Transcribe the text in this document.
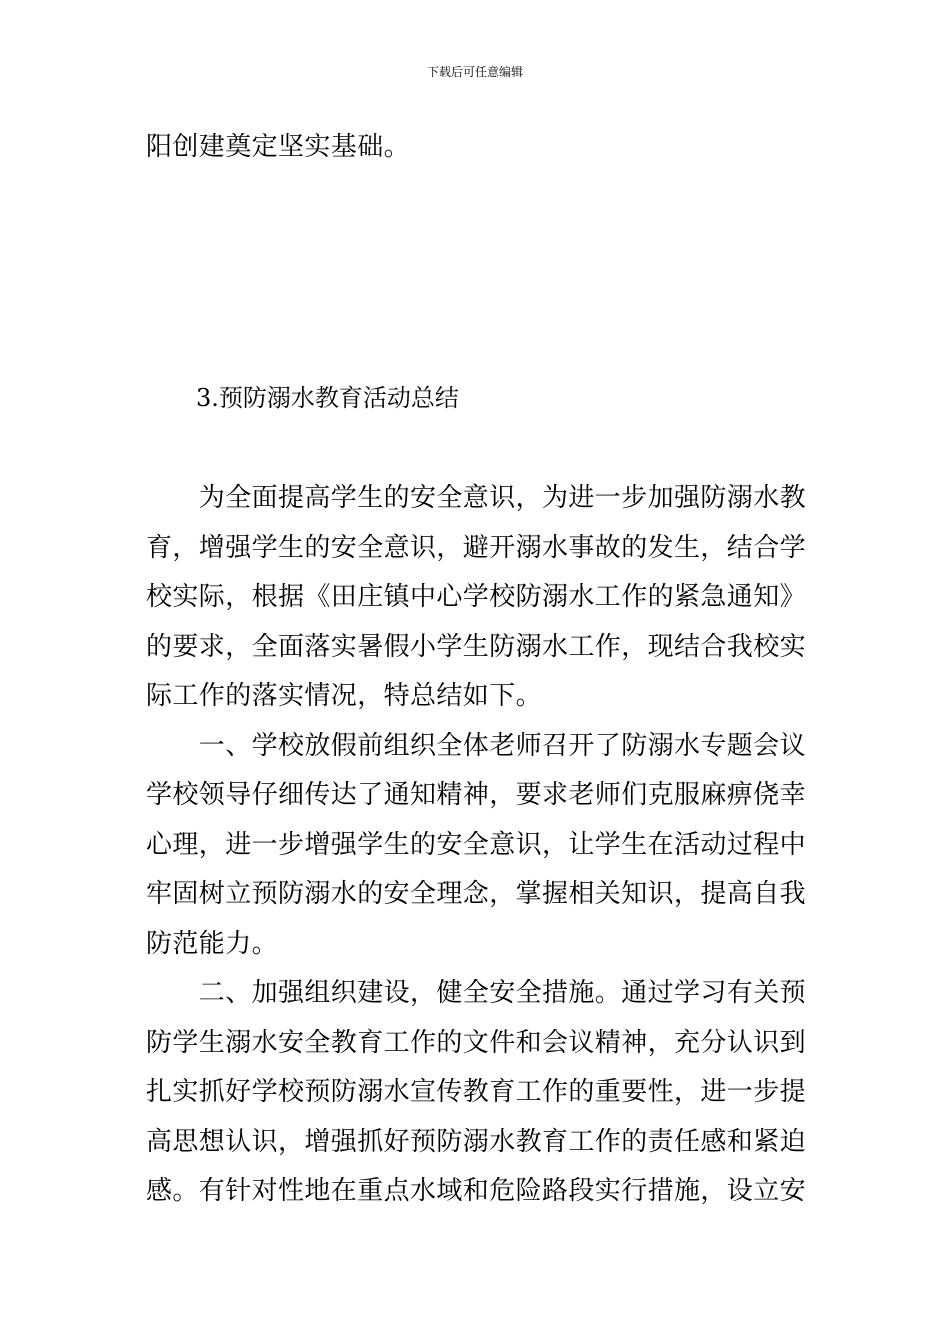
下载后可任意编辑
阳创建奠定坚实基础。
3.预防溺水教育活动总结
　　为全面提高学生的安全意识，为进一步加强防溺水教
育，增强学生的安全意识，避开溺水事故的发生，结合学
校实际，根据《田庄镇中心学校防溺水工作的紧急通知》
的要求，全面落实暑假小学生防溺水工作，现结合我校实
际工作的落实情况，特总结如下。
　　一、学校放假前组织全体老师召开了防溺水专题会议
学校领导仔细传达了通知精神，要求老师们克服麻痹侥幸
心理，进一步增强学生的安全意识，让学生在活动过程中
牢固树立预防溺水的安全理念，掌握相关知识，提高自我
防范能力。
　　二、加强组织建设，健全安全措施。通过学习有关预
防学生溺水安全教育工作的文件和会议精神，充分认识到
扎实抓好学校预防溺水宣传教育工作的重要性，进一步提
高思想认识，增强抓好预防溺水教育工作的责任感和紧迫
感。有针对性地在重点水域和危险路段实行措施，设立安
